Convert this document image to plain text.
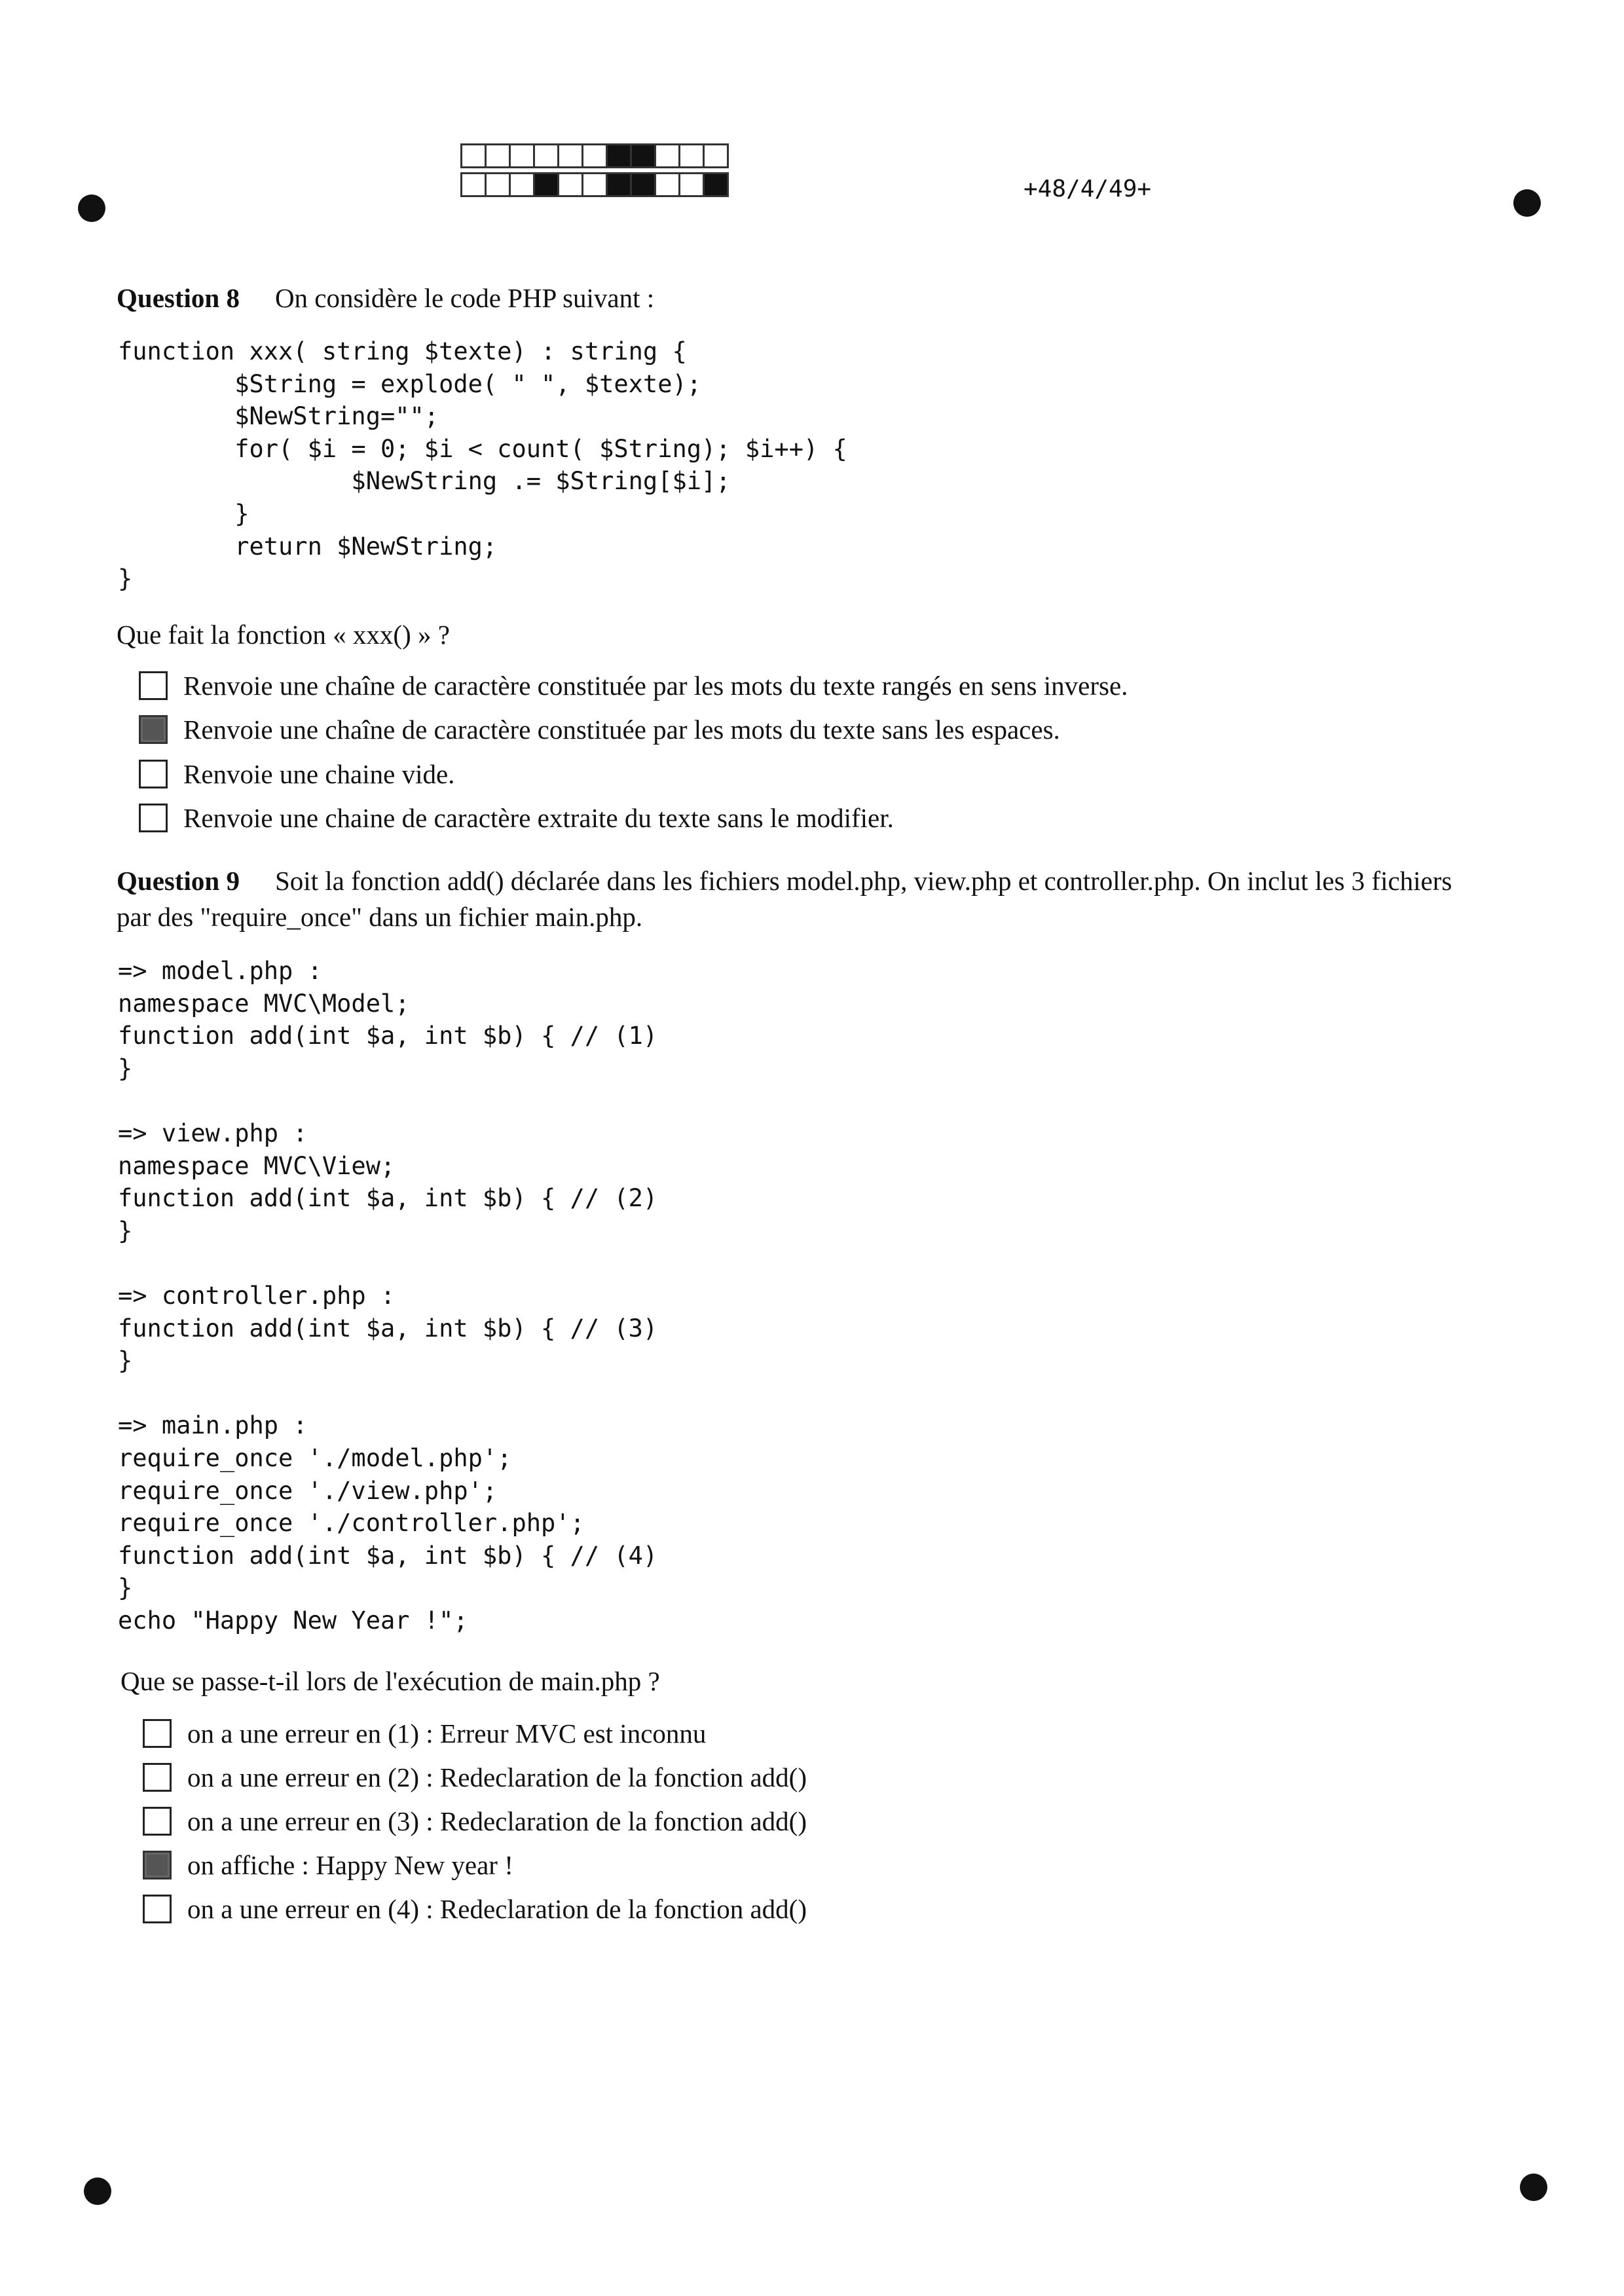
+48/4/49+
Question 8 On considère le code PHP suivant :
function xxx( string $texte) : string {
$String = explode( " ", $texte);
$NewString="";
for( $i = 0; $i < count( $String); $i++) {
$NewString .= $String[$i];
}
return $NewString;
}
Que fait la fonction « xxx() » ?
Renvoie une chaîne de caractère constituée par les mots du texte rangés en sens inverse.
Renvoie une chaîne de caractère constituée par les mots du texte sans les espaces.
Renvoie une chaine vide.
Renvoie une chaine de caractère extraite du texte sans le modifier.
Question 9 Soit la fonction add() déclarée dans les fichiers model.php, view.php et controller.php. On inclut les 3 fichiers
par des "require_once" dans un fichier main.php.
=> model.php :
namespace MVC\Model;
function add(int $a, int $b) { // (1)
}

=> view.php :
namespace MVC\View;
function add(int $a, int $b) { // (2)
}

=> controller.php :
function add(int $a, int $b) { // (3)
}

=> main.php :
require_once './model.php';
require_once './view.php';
require_once './controller.php';
function add(int $a, int $b) { // (4)
}
echo "Happy New Year !";
Que se passe-t-il lors de l'exécution de main.php ?
on a une erreur en (1) : Erreur MVC est inconnu
on a une erreur en (2) : Redeclaration de la fonction add()
on a une erreur en (3) : Redeclaration de la fonction add()
on affiche : Happy New year !
on a une erreur en (4) : Redeclaration de la fonction add()
